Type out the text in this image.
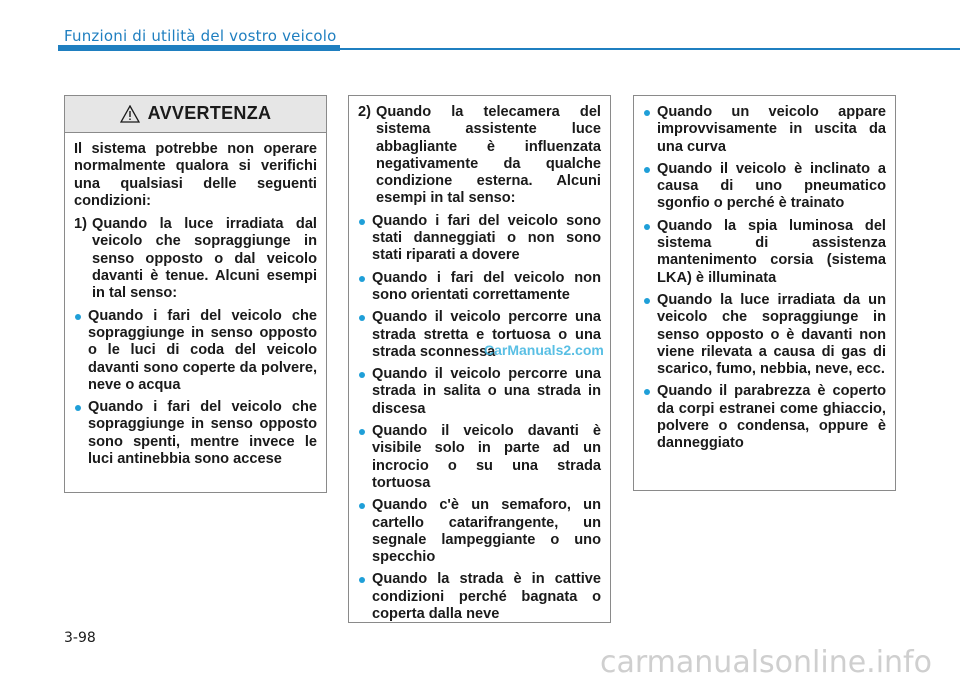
Funzioni di utilità del vostro veicolo
AVVERTENZA

Il sistema potrebbe non operare normalmente qualora si verifichi una qualsiasi delle seguenti condizioni:

1) Quando la luce irradiata dal veicolo che sopraggiunge in senso opposto o dal veicolo davanti è tenue. Alcuni esempi in tal senso:
Quando i fari del veicolo che sopraggiunge in senso opposto o le luci di coda del veicolo davanti sono coperte da polvere, neve o acqua
Quando i fari del veicolo che sopraggiunge in senso opposto sono spenti, mentre invece le luci antinebbia sono accese
2) Quando la telecamera del sistema assistente luce abbagliante è influenzata negativamente da qualche condizione esterna. Alcuni esempi in tal senso:
Quando i fari del veicolo sono stati danneggiati o non sono stati riparati a dovere
Quando i fari del veicolo non sono orientati correttamente
Quando il veicolo percorre una strada stretta e tortuosa o una strada sconnessa
Quando il veicolo percorre una strada in salita o una strada in discesa
Quando il veicolo davanti è visibile solo in parte ad un incrocio o su una strada tortuosa
Quando c'è un semaforo, un cartello catarifrangente, un segnale lampeggiante o uno specchio
Quando la strada è in cattive condizioni perché bagnata o coperta dalla neve
Quando un veicolo appare improvvisamente in uscita da una curva
Quando il veicolo è inclinato a causa di uno pneumatico sgonfio o perché è trainato
Quando la spia luminosa del sistema di assistenza mantenimento corsia (sistema LKA) è illuminata
Quando la luce irradiata da un veicolo che sopraggiunge in senso opposto o è davanti non viene rilevata a causa di gas di scarico, fumo, nebbia, neve, ecc.
Quando il parabrezza è coperto da corpi estranei come ghiaccio, polvere o condensa, oppure è danneggiato
CarManuals2.com
3-98
carmanualsonline.info
